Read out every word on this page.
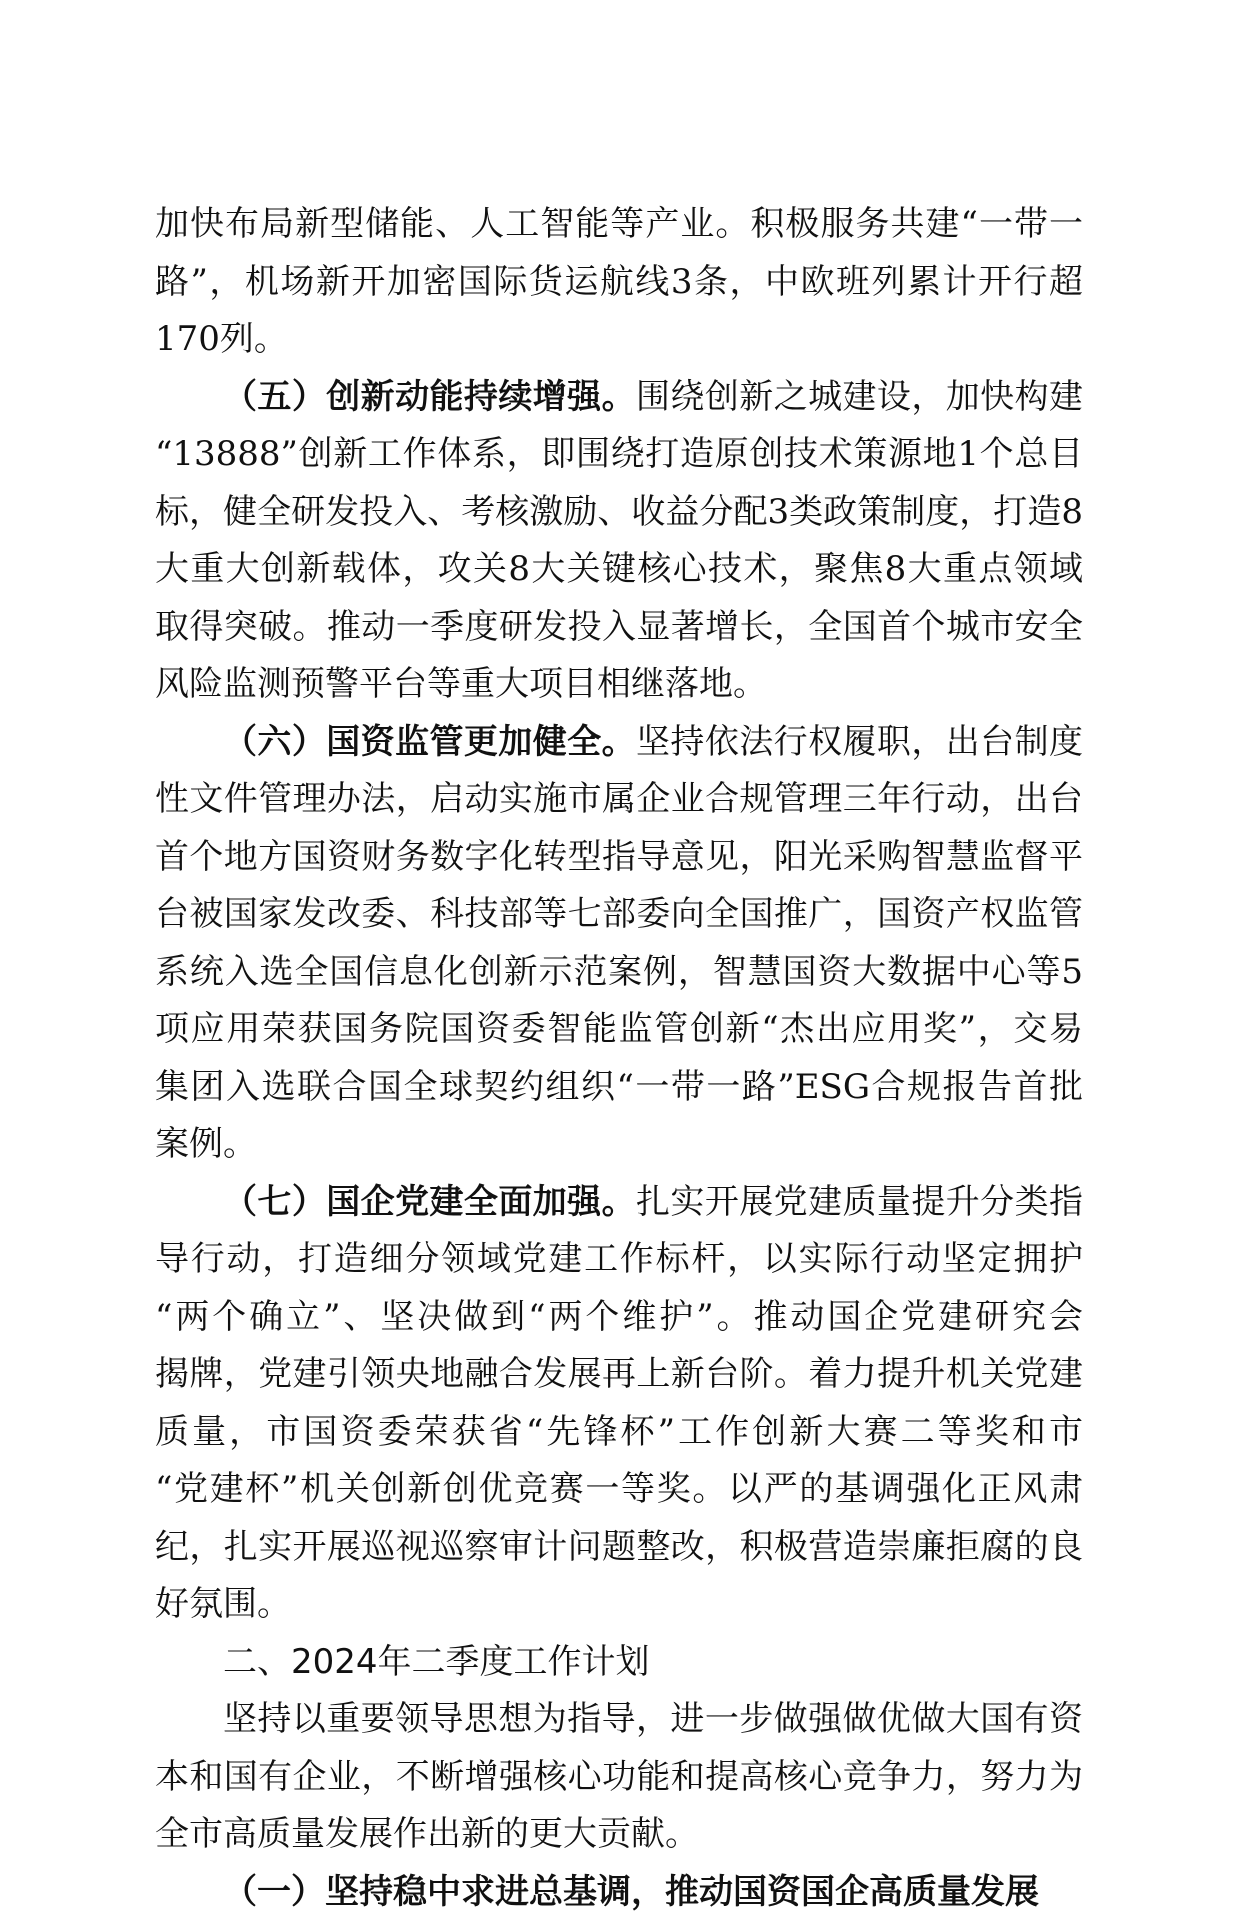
加快布局新型储能、人工智能等产业。积极服务共建“一带一
路”，机场新开加密国际货运航线3条，中欧班列累计开行超
170列。
（五）创新动能持续增强。围绕创新之城建设，加快构建
“13888”创新工作体系，即围绕打造原创技术策源地1个总目
标，健全研发投入、考核激励、收益分配3类政策制度，打造8
大重大创新载体，攻关8大关键核心技术，聚焦8大重点领域
取得突破。推动一季度研发投入显著增长，全国首个城市安全
风险监测预警平台等重大项目相继落地。
（六）国资监管更加健全。坚持依法行权履职，出台制度
性文件管理办法，启动实施市属企业合规管理三年行动，出台
首个地方国资财务数字化转型指导意见，阳光采购智慧监督平
台被国家发改委、科技部等七部委向全国推广，国资产权监管
系统入选全国信息化创新示范案例，智慧国资大数据中心等5
项应用荣获国务院国资委智能监管创新“杰出应用奖”，交易
集团入选联合国全球契约组织“一带一路”ESG合规报告首批
案例。
（七）国企党建全面加强。扎实开展党建质量提升分类指
导行动，打造细分领域党建工作标杆，以实际行动坚定拥护
“两个确立”、坚决做到“两个维护”。推动国企党建研究会
揭牌，党建引领央地融合发展再上新台阶。着力提升机关党建
质量，市国资委荣获省“先锋杯”工作创新大赛二等奖和市
“党建杯”机关创新创优竞赛一等奖。以严的基调强化正风肃
纪，扎实开展巡视巡察审计问题整改，积极营造崇廉拒腐的良
好氛围。
二、2024年二季度工作计划
坚持以重要领导思想为指导，进一步做强做优做大国有资
本和国有企业，不断增强核心功能和提高核心竞争力，努力为
全市高质量发展作出新的更大贡献。
（一）坚持稳中求进总基调，推动国资国企高质量发展
